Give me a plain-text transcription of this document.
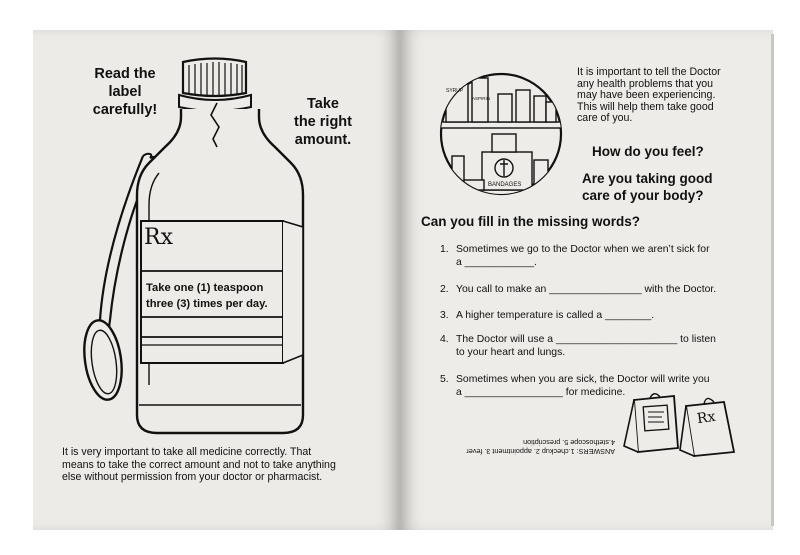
Read the
label
carefully!	Take
the right
amount.
Rx
Take one (1) teaspoon
three (3) times per day.
It is very important to take all medicine correctly. That
means to take the correct amount and not to take anything
else without permission from your doctor or pharmacist.
SYRUP
ASPIRIN
BANDAGES
It is important to tell the Doctor
any health problems that you
may have been experiencing.
This will help them take good
care of you.
How do you feel?
Are you taking good
care of your body?
Can you fill in the missing words?
1. Sometimes we go to the Doctor when we aren’t sick for
a ____________.
2. You call to make an ________________ with the Doctor.
3. A higher temperature is called a ________.
4. The Doctor will use a _____________________ to listen
to your heart and lungs.
5. Sometimes when you are sick, the Doctor will write you
a _________________ for medicine.
ANSWERS: 1.checkup 2. appointment 3. fever
4.stethoscope 5. prescription
Rx
